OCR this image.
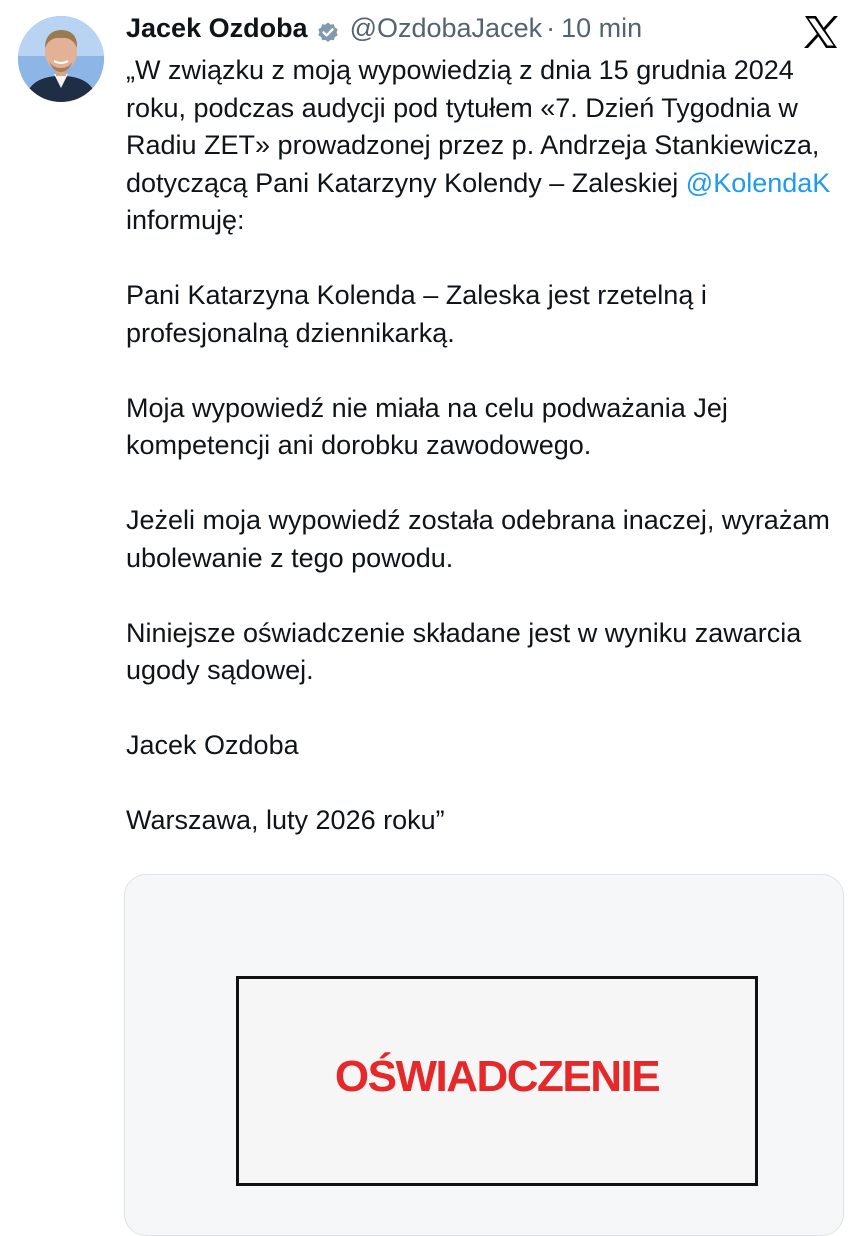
Jacek Ozdoba @OzdobaJacek · 10 min

„W związku z moją wypowiedzią z dnia 15 grudnia 2024 roku, podczas audycji pod tytułem «7. Dzień Tygodnia w Radiu ZET» prowadzonej przez p. Andrzeja Stankiewicza, dotyczącą Pani Katarzyny Kolendy – Zaleskiej @KolendaK informuję:

Pani Katarzyna Kolenda – Zaleska jest rzetelną i profesjonalną dziennikarką.

Moja wypowiedź nie miała na celu podważania Jej kompetencji ani dorobku zawodowego.

Jeżeli moja wypowiedź została odebrana inaczej, wyrażam ubolewanie z tego powodu.

Niniejsze oświadczenie składane jest w wyniku zawarcia ugody sądowej.

Jacek Ozdoba

Warszawa, luty 2026 roku”

OŚWIADCZENIE
